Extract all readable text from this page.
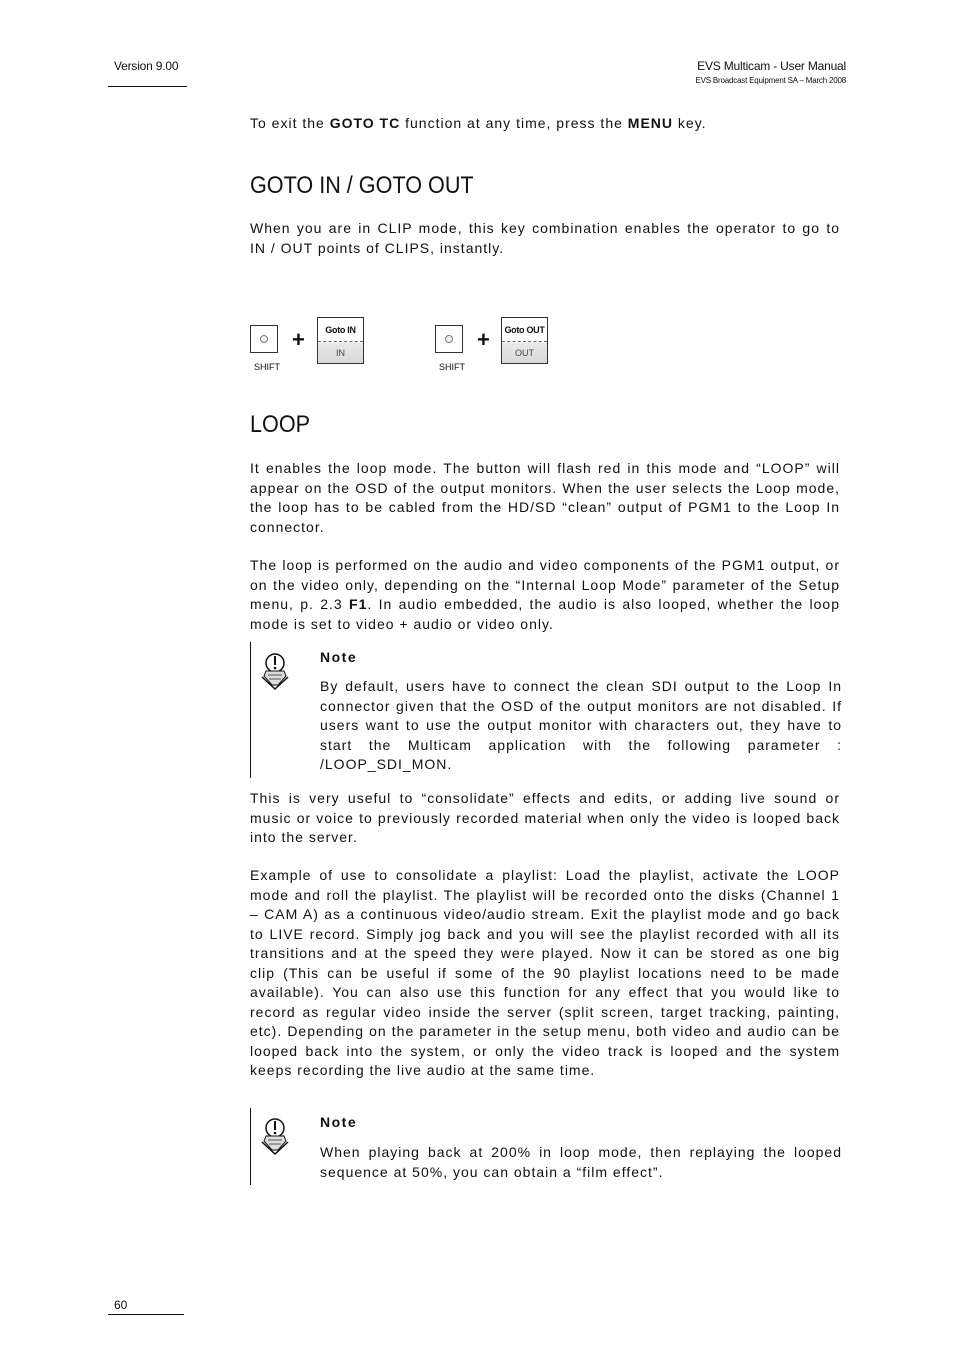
Version 9.00	EVS Multicam - User Manual
EVS Broadcast Equipment SA – March 2008
To exit the GOTO TC function at any time, press the MENU key.
GOTO IN / GOTO OUT
When you are in CLIP mode, this key combination enables the operator to go to IN / OUT points of CLIPS, instantly.
SHIFT
+	Goto IN
IN
SHIFT
+ Goto OUT
OUT
LOOP
It enables the loop mode. The button will flash red in this mode and “LOOP” will appear on the OSD of the output monitors. When the user selects the Loop mode, the loop has to be cabled from the HD/SD “clean” output of PGM1 to the Loop In connector.
The loop is performed on the audio and video components of the PGM1 output, or on the video only, depending on the “Internal Loop Mode” parameter of the Setup menu, p. 2.3 F1. In audio embedded, the audio is also looped, whether the loop mode is set to video + audio or video only.
Note
By default, users have to connect the clean SDI output to the Loop In connector given that the OSD of the output monitors are not disabled. If users want to use the output monitor with characters out, they have to start the Multicam application with the following parameter : /LOOP_SDI_MON.
This is very useful to “consolidate” effects and edits, or adding live sound or music or voice to previously recorded material when only the video is looped back into the server.
Example of use to consolidate a playlist: Load the playlist, activate the LOOP mode and roll the playlist. The playlist will be recorded onto the disks (Channel 1 – CAM A) as a continuous video/audio stream. Exit the playlist mode and go back to LIVE record. Simply jog back and you will see the playlist recorded with all its transitions and at the speed they were played. Now it can be stored as one big clip (This can be useful if some of the 90 playlist locations need to be made available). You can also use this function for any effect that you would like to record as regular video inside the server (split screen, target tracking, painting, etc). Depending on the parameter in the setup menu, both video and audio can be looped back into the system, or only the video track is looped and the system keeps recording the live audio at the same time.
Note
When playing back at 200% in loop mode, then replaying the looped sequence at 50%, you can obtain a “film effect”.
60
